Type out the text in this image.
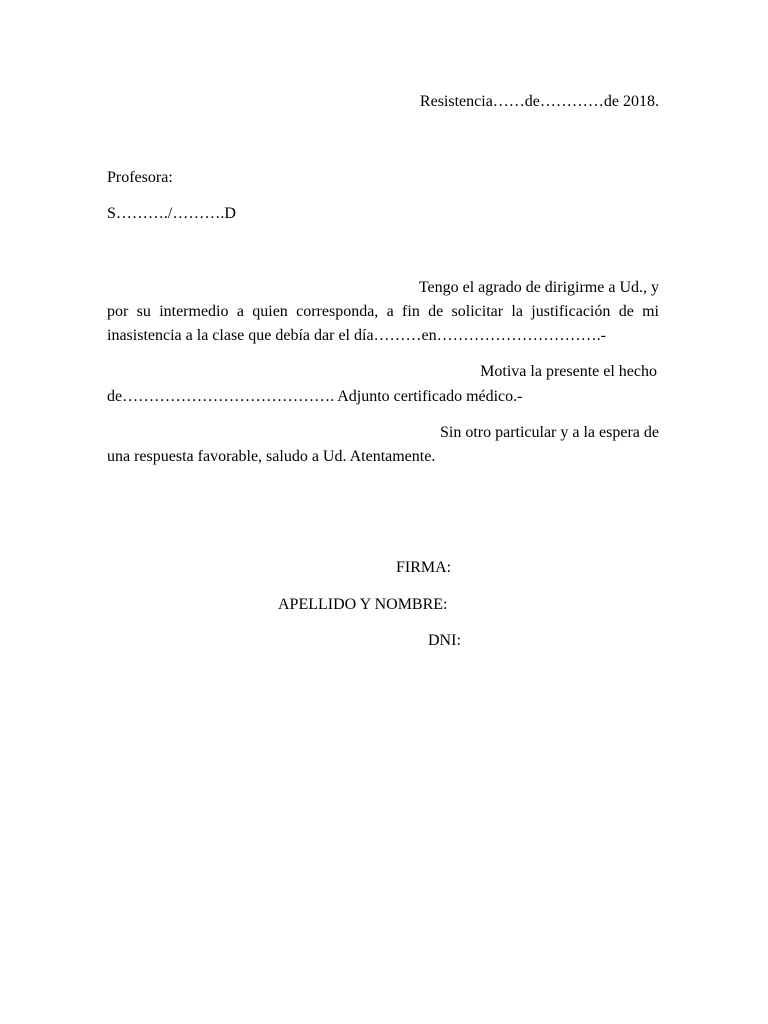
Resistencia……de…………de 2018.

Profesora:

S………./……….D

Tengo el agrado de dirigirme a Ud., y

por su intermedio a quien corresponda, a fin de solicitar la justificación de mi

inasistencia a la clase que debía dar el día………en………………………….-

Motiva la presente el hecho

de…………………………………. Adjunto certificado médico.-

Sin otro particular y a la espera de

una respuesta favorable, saludo a Ud. Atentamente.

FIRMA:

APELLIDO Y NOMBRE:

DNI:
